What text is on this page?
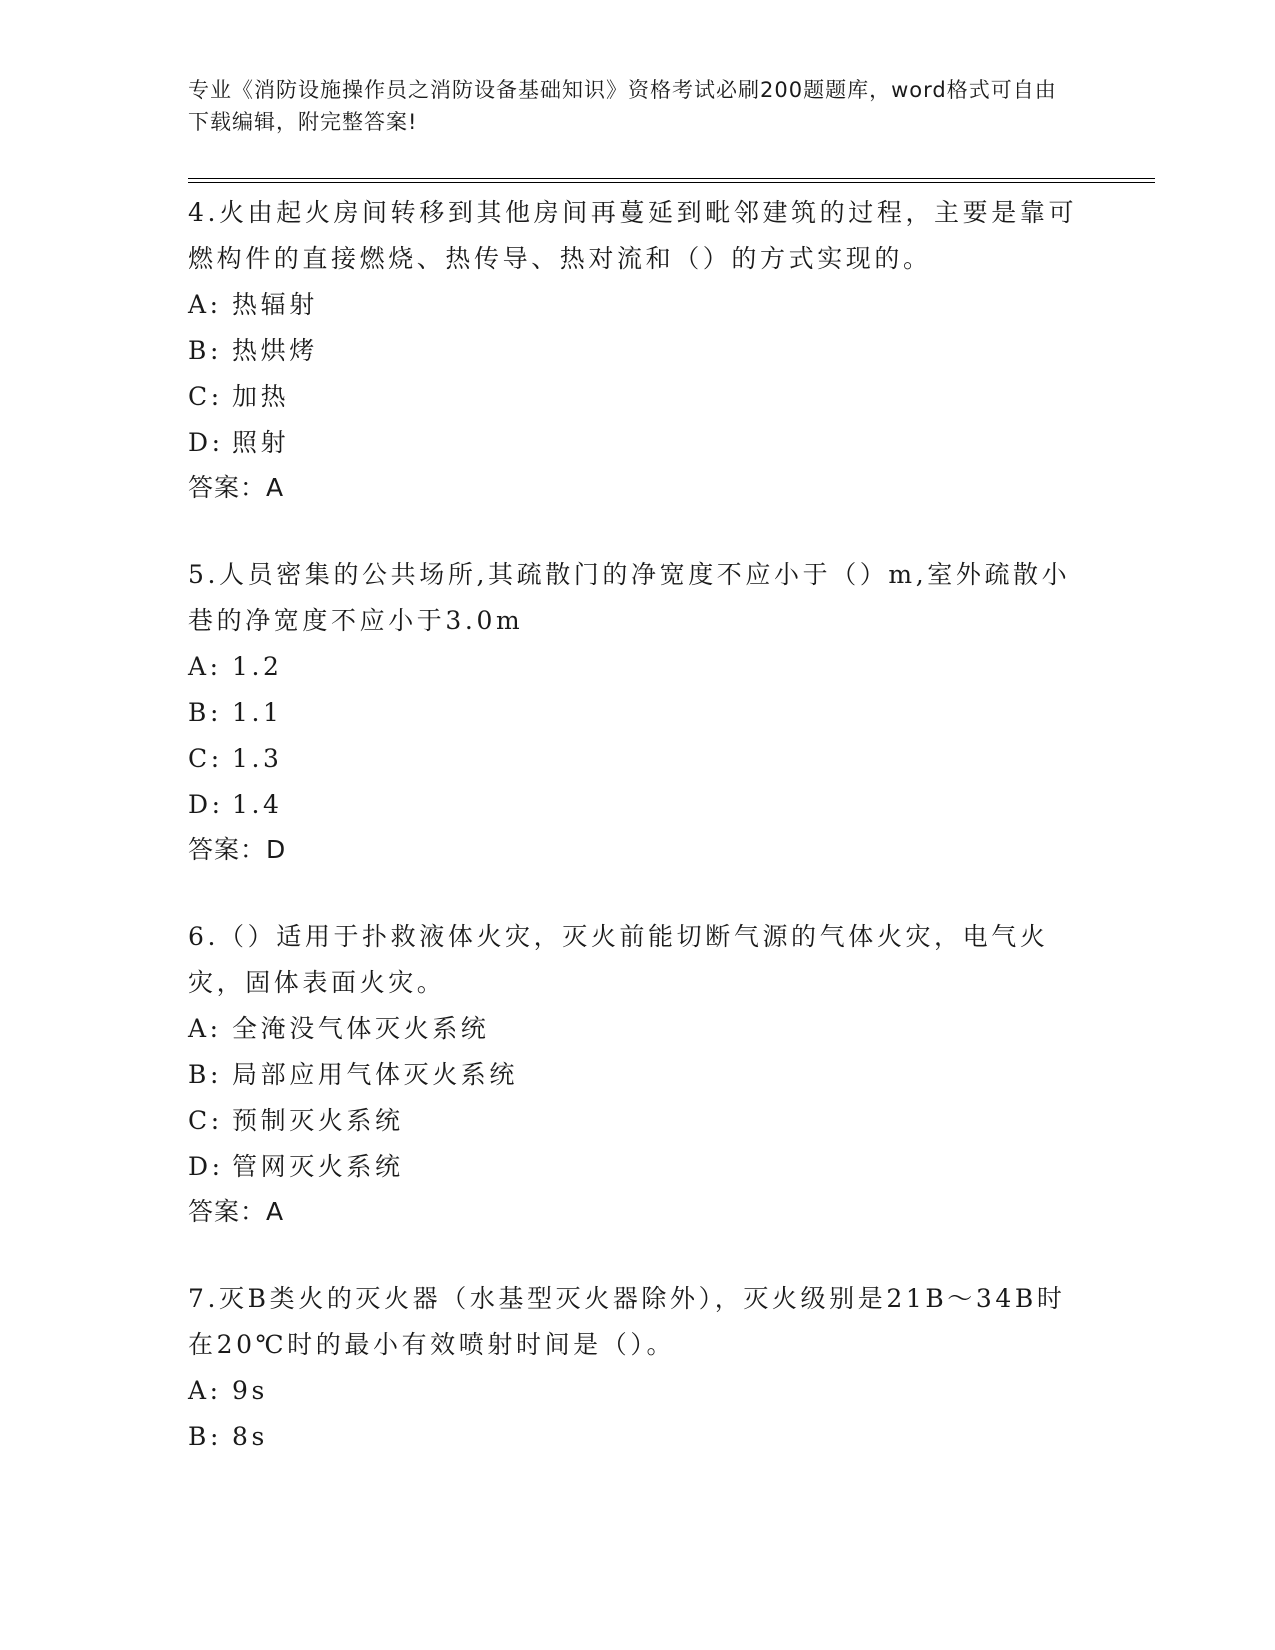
专业《消防设施操作员之消防设备基础知识》资格考试必刷200题题库，word格式可自由下载编辑，附完整答案!

4.火由起火房间转移到其他房间再蔓延到毗邻建筑的过程，主要是靠可燃构件的直接燃烧、热传导、热对流和（）的方式实现的。

A: 热辐射
B: 热烘烤
C: 加热
D: 照射
答案：A

5.人员密集的公共场所,其疏散门的净宽度不应小于（）m,室外疏散小巷的净宽度不应小于3.0m

A: 1.2
B: 1.1
C: 1.3
D: 1.4
答案：D

6.（）适用于扑救液体火灾，灭火前能切断气源的气体火灾，电气火灾，固体表面火灾。

A: 全淹没气体灭火系统
B: 局部应用气体灭火系统
C: 预制灭火系统
D: 管网灭火系统
答案：A

7.灭B类火的灭火器（水基型灭火器除外），灭火级别是21B～34B时在20℃时的最小有效喷射时间是（）。

A: 9s
B: 8s
